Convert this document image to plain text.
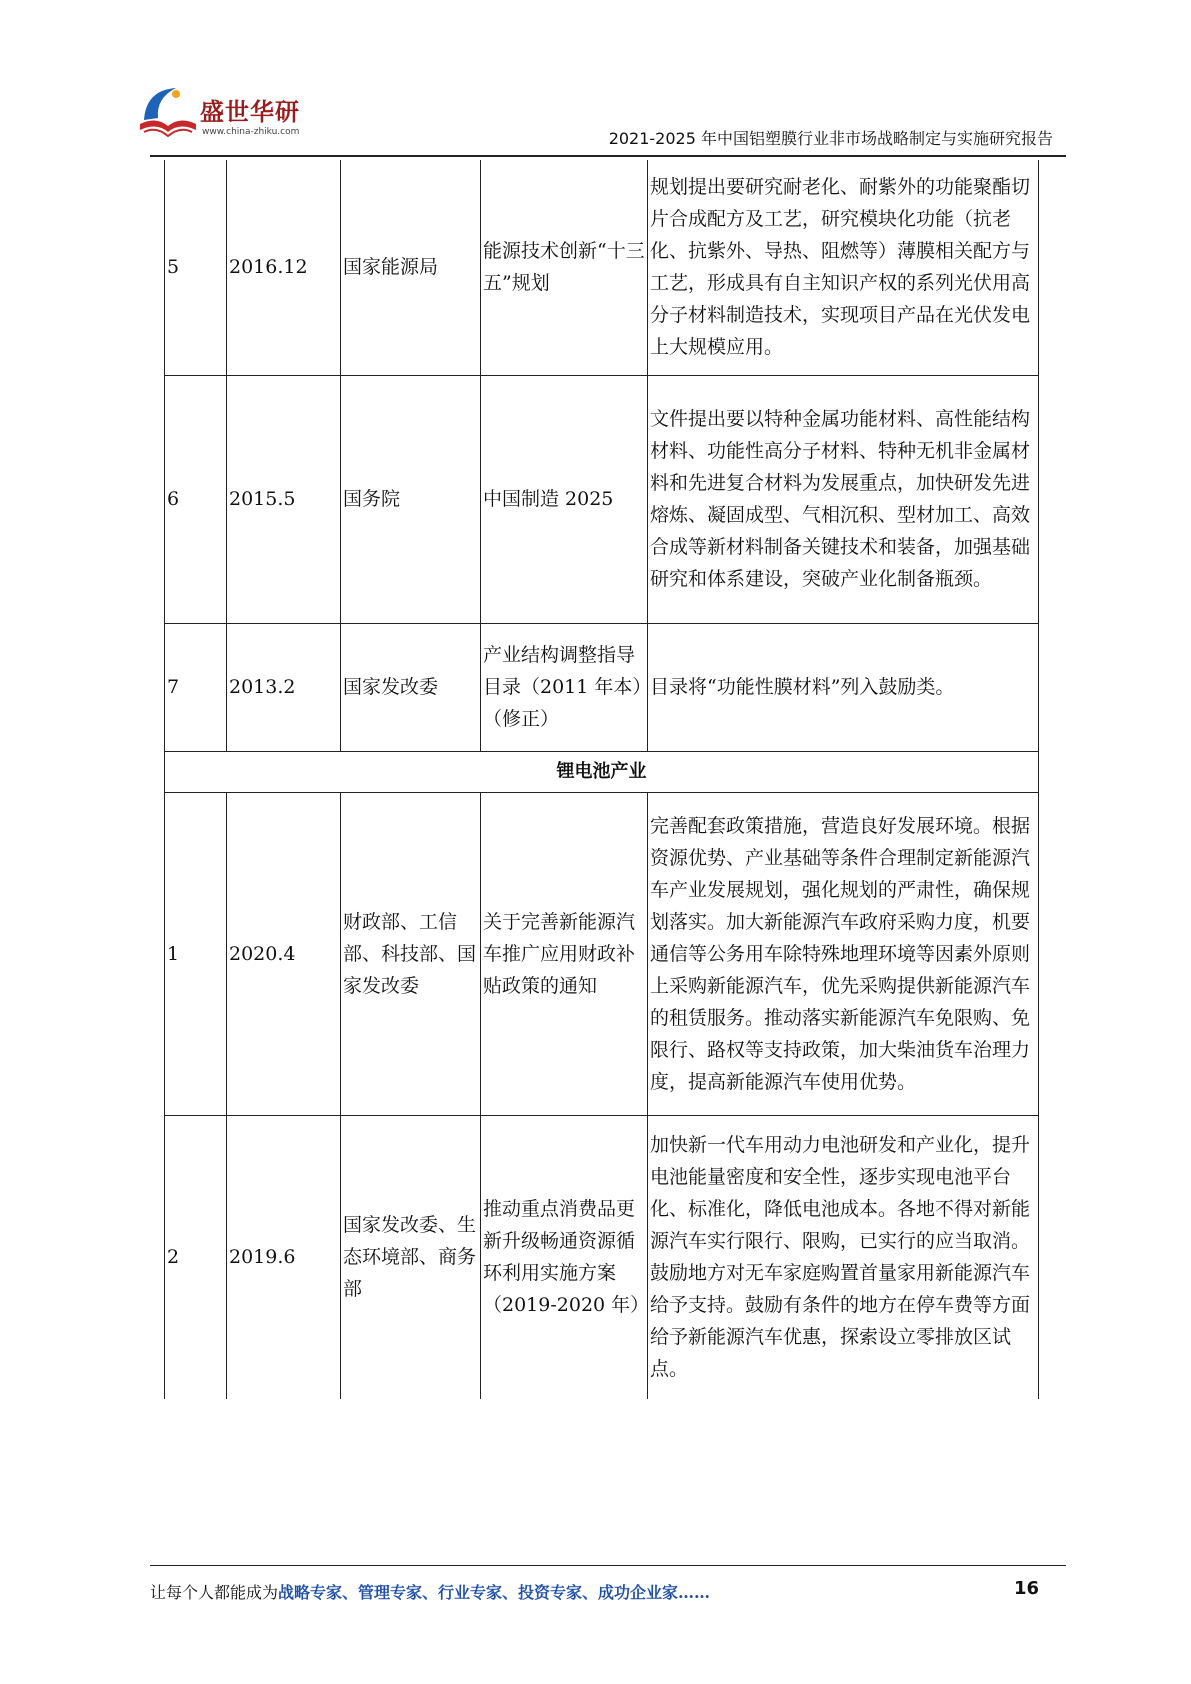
盛世华研
www.china-zhiku.com	2021-2025 年中国铝塑膜行业非市场战略制定与实施研究报告
5	2016.12	国家能源局	能源技术创新“十三五”规划	规划提出要研究耐老化、耐紫外的功能聚酯切片合成配方及工艺，研究模块化功能（抗老化、抗紫外、导热、阻燃等）薄膜相关配方与工艺，形成具有自主知识产权的系列光伏用高分子材料制造技术，实现项目产品在光伏发电上大规模应用。
6	2015.5	国务院	中国制造 2025	文件提出要以特种金属功能材料、高性能结构材料、功能性高分子材料、特种无机非金属材料和先进复合材料为发展重点，加快研发先进熔炼、凝固成型、气相沉积、型材加工、高效合成等新材料制备关键技术和装备，加强基础研究和体系建设，突破产业化制备瓶颈。
7	2013.2	国家发改委	产业结构调整指导目录（2011 年本）（修正）	目录将“功能性膜材料”列入鼓励类。
锂电池产业				
1	2020.4	财政部、工信部、科技部、国家发改委	关于完善新能源汽车推广应用财政补贴政策的通知	完善配套政策措施，营造良好发展环境。根据资源优势、产业基础等条件合理制定新能源汽车产业发展规划，强化规划的严肃性，确保规划落实。加大新能源汽车政府采购力度，机要通信等公务用车除特殊地理环境等因素外原则上采购新能源汽车，优先采购提供新能源汽车的租赁服务。推动落实新能源汽车免限购、免限行、路权等支持政策，加大柴油货车治理力度，提高新能源汽车使用优势。
2	2019.6	国家发改委、生态环境部、商务部	推动重点消费品更新升级畅通资源循环利用实施方案（2019-2020 年）	加快新一代车用动力电池研发和产业化，提升电池能量密度和安全性，逐步实现电池平台化、标准化，降低电池成本。各地不得对新能源汽车实行限行、限购，已实行的应当取消。鼓励地方对无车家庭购置首量家用新能源汽车给予支持。鼓励有条件的地方在停车费等方面给予新能源汽车优惠，探索设立零排放区试点。
让每个人都能成为战略专家、管理专家、行业专家、投资专家、成功企业家……	16
